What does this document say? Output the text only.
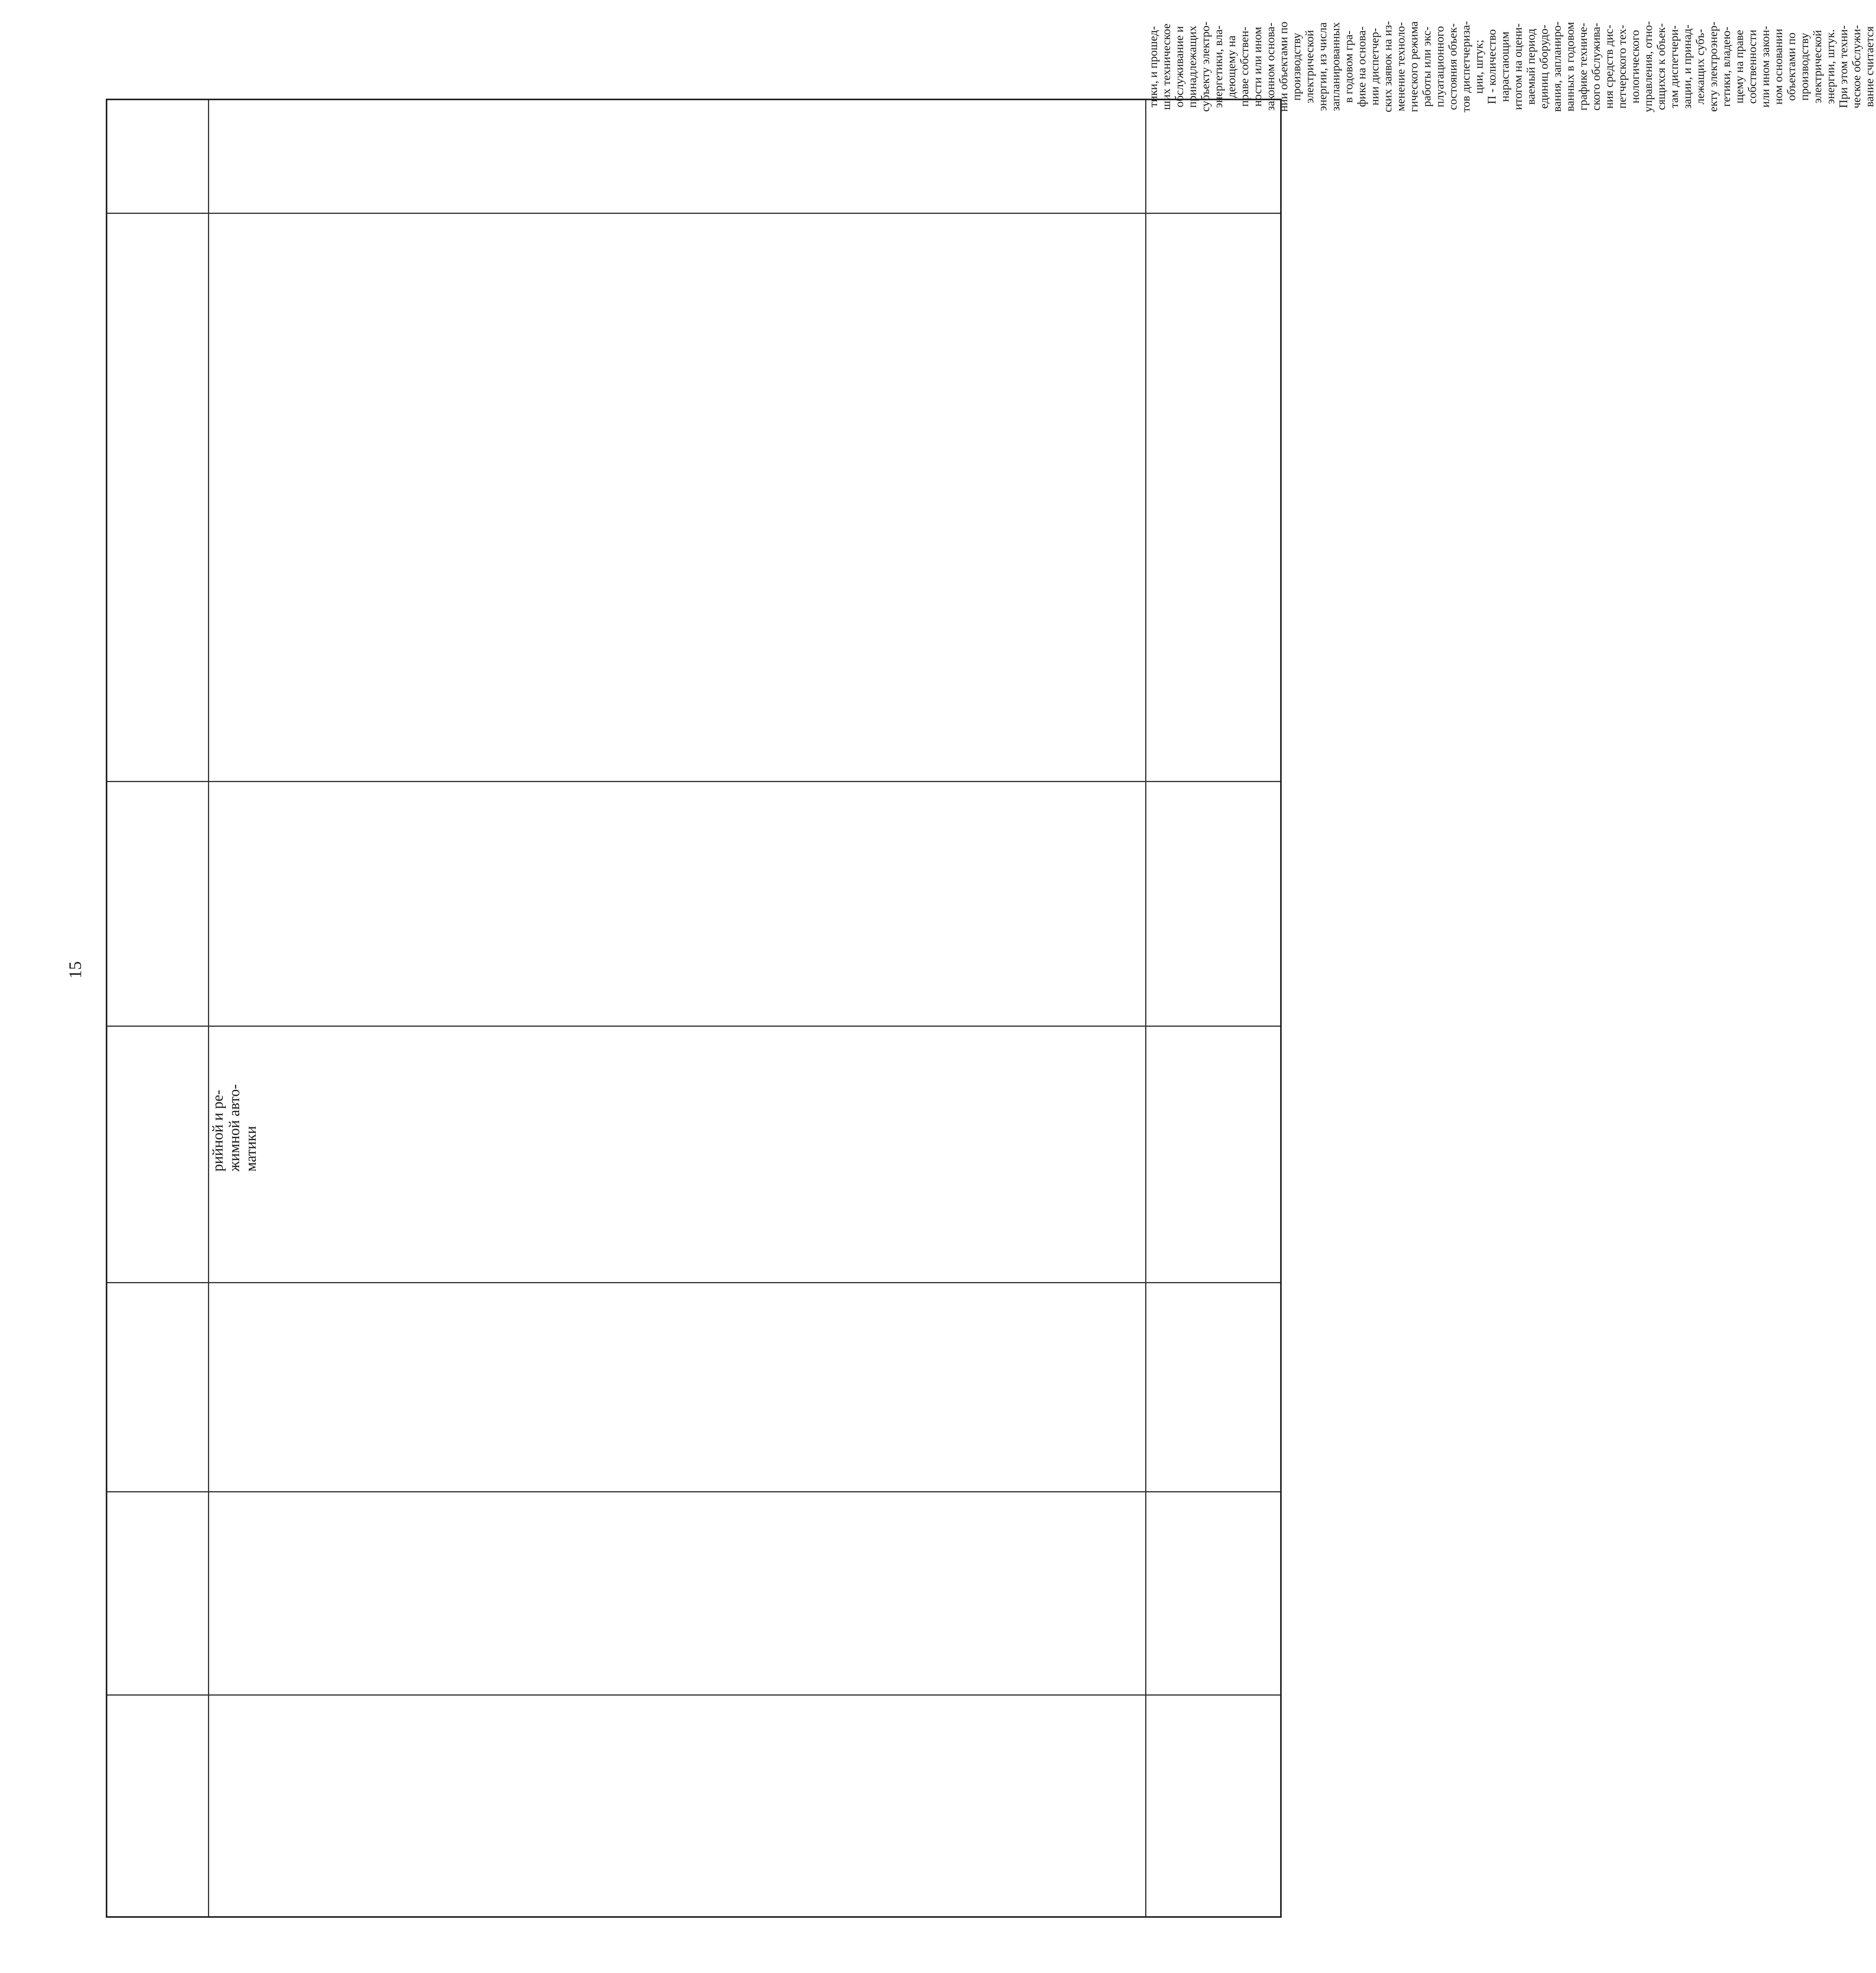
15
рийной и ре-
жимной авто-
матики
тики, и прошед-
ших техническое
обслуживание и
принадлежащих
субъекту электро-
энергетики, вла-
деющему на
праве собствен-
ности или ином
законном основа-
нии объектами по
производству
электрической
энергии, из числа
запланированных
в годовом гра-
фике на основа-
нии диспетчер-
ских заявок на из-
менение техноло-
гического режима
работы или экс-
плуатационного
состояния объек-
тов диспетчериза-
ции, штук;
П - количество
нарастающим
итогом на оцени-
ваемый период
единиц оборудо-
вания, запланиро-
ванных в годовом
графике техниче-
ского обслужива-
ния средств дис-
петчерского тех-
нологического
управления, отно-
сящихся к объек-
там диспетчери-
зации, и принад-
лежащих субъ-
екту электроэнер-
гетики, владею-
щему на праве
собственности
или ином закон-
ном основании
объектами по
производству
электрической
энергии, штук.
При этом техни-
ческое обслужи-
вание считается
